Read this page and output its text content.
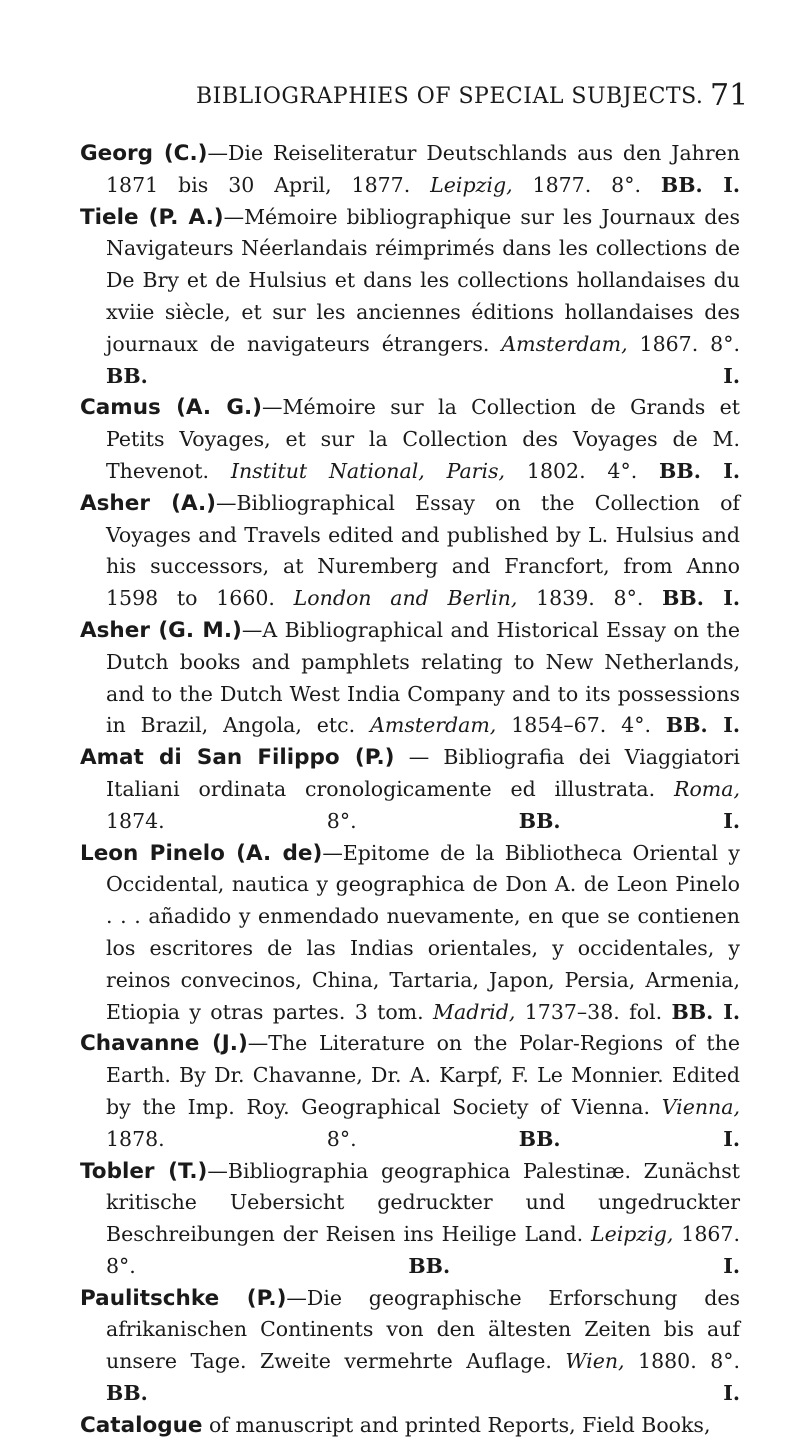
BIBLIOGRAPHIES OF SPECIAL SUBJECTS. 71

Georg (C.)—Die Reiseliteratur Deutschlands aus den Jahren 1871 bis 30 April, 1877. Leipzig, 1877. 8°. BB. I.

Tiele (P. A.)—Mémoire bibliographique sur les Journaux des Navigateurs Néerlandais réimprimés dans les collections de De Bry et de Hulsius et dans les collections hollandaises du xviie siècle, et sur les anciennes éditions hollandaises des journaux de navigateurs étrangers. Amsterdam, 1867. 8°. BB. I.

Camus (A. G.)—Mémoire sur la Collection de Grands et Petits Voyages, et sur la Collection des Voyages de M. Thevenot. Institut National, Paris, 1802. 4°. BB. I.

Asher (A.)—Bibliographical Essay on the Collection of Voyages and Travels edited and published by L. Hulsius and his successors, at Nuremberg and Francfort, from Anno 1598 to 1660. London and Berlin, 1839. 8°. BB. I.

Asher (G. M.)—A Bibliographical and Historical Essay on the Dutch books and pamphlets relating to New Netherlands, and to the Dutch West India Company and to its possessions in Brazil, Angola, etc. Amsterdam, 1854–67. 4°. BB. I.

Amat di San Filippo (P.) — Bibliografia dei Viaggiatori Italiani ordinata cronologicamente ed illustrata. Roma, 1874. 8°.	BB. I.

Leon Pinelo (A. de)—Epitome de la Bibliotheca Oriental y Occidental, nautica y geographica de Don A. de Leon Pinelo . . . añadido y enmendado nuevamente, en que se contienen los escritores de las Indias orientales, y occidentales, y reinos convecinos, China, Tartaria, Japon, Persia, Armenia, Etiopia y otras partes. 3 tom. Madrid, 1737–38. fol. BB. I.

Chavanne (J.)—The Literature on the Polar-Regions of the Earth. By Dr. Chavanne, Dr. A. Karpf, F. Le Monnier. Edited by the Imp. Roy. Geographical Society of Vienna. Vienna, 1878. 8°.	BB. I.

Tobler (T.)—Bibliographia geographica Palestinæ. Zunächst kritische Uebersicht gedruckter und ungedruckter Beschreibungen der Reisen ins Heilige Land. Leipzig, 1867. 8°.	BB. I.

Paulitschke (P.)—Die geographische Erforschung des afrikanischen Continents von den ältesten Zeiten bis auf unsere Tage. Zweite vermehrte Auflage. Wien, 1880. 8°. BB. I.

Catalogue of manuscript and printed Reports, Field Books,
